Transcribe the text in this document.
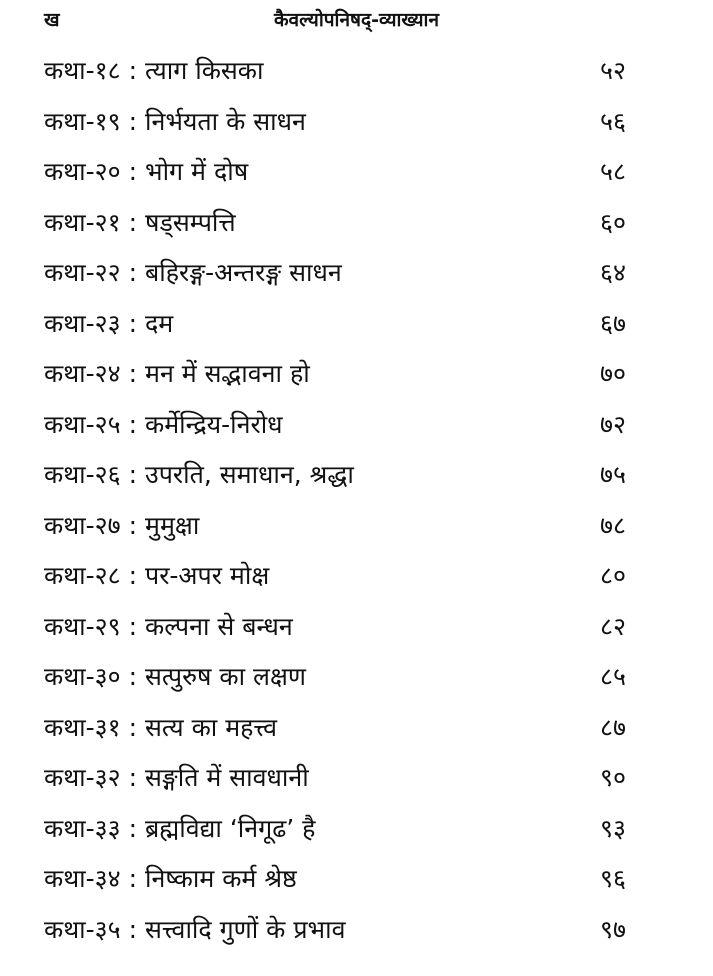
ख	कैवल्योपनिषद्-व्याख्यान
कथा-१८ : त्याग किसका	५२
कथा-१९ : निर्भयता के साधन	५६
कथा-२० : भोग में दोष	५८
कथा-२१ : षड्सम्पत्ति	६०
कथा-२२ : बहिरङ्ग-अन्तरङ्ग साधन	६४
कथा-२३ : दम	६७
कथा-२४ : मन में सद्भावना हो	७०
कथा-२५ : कर्मेन्द्रिय-निरोध	७२
कथा-२६ : उपरति, समाधान, श्रद्धा	७५
कथा-२७ : मुमुक्षा	७८
कथा-२८ : पर-अपर मोक्ष	८०
कथा-२९ : कल्पना से बन्धन	८२
कथा-३० : सत्पुरुष का लक्षण	८५
कथा-३१ : सत्य का महत्त्व	८७
कथा-३२ : सङ्गति में सावधानी	९०
कथा-३३ : ब्रह्मविद्या ‘निगूढ’ है	९३
कथा-३४ : निष्काम कर्म श्रेष्ठ	९६
कथा-३५ : सत्त्वादि गुणों के प्रभाव	९७
